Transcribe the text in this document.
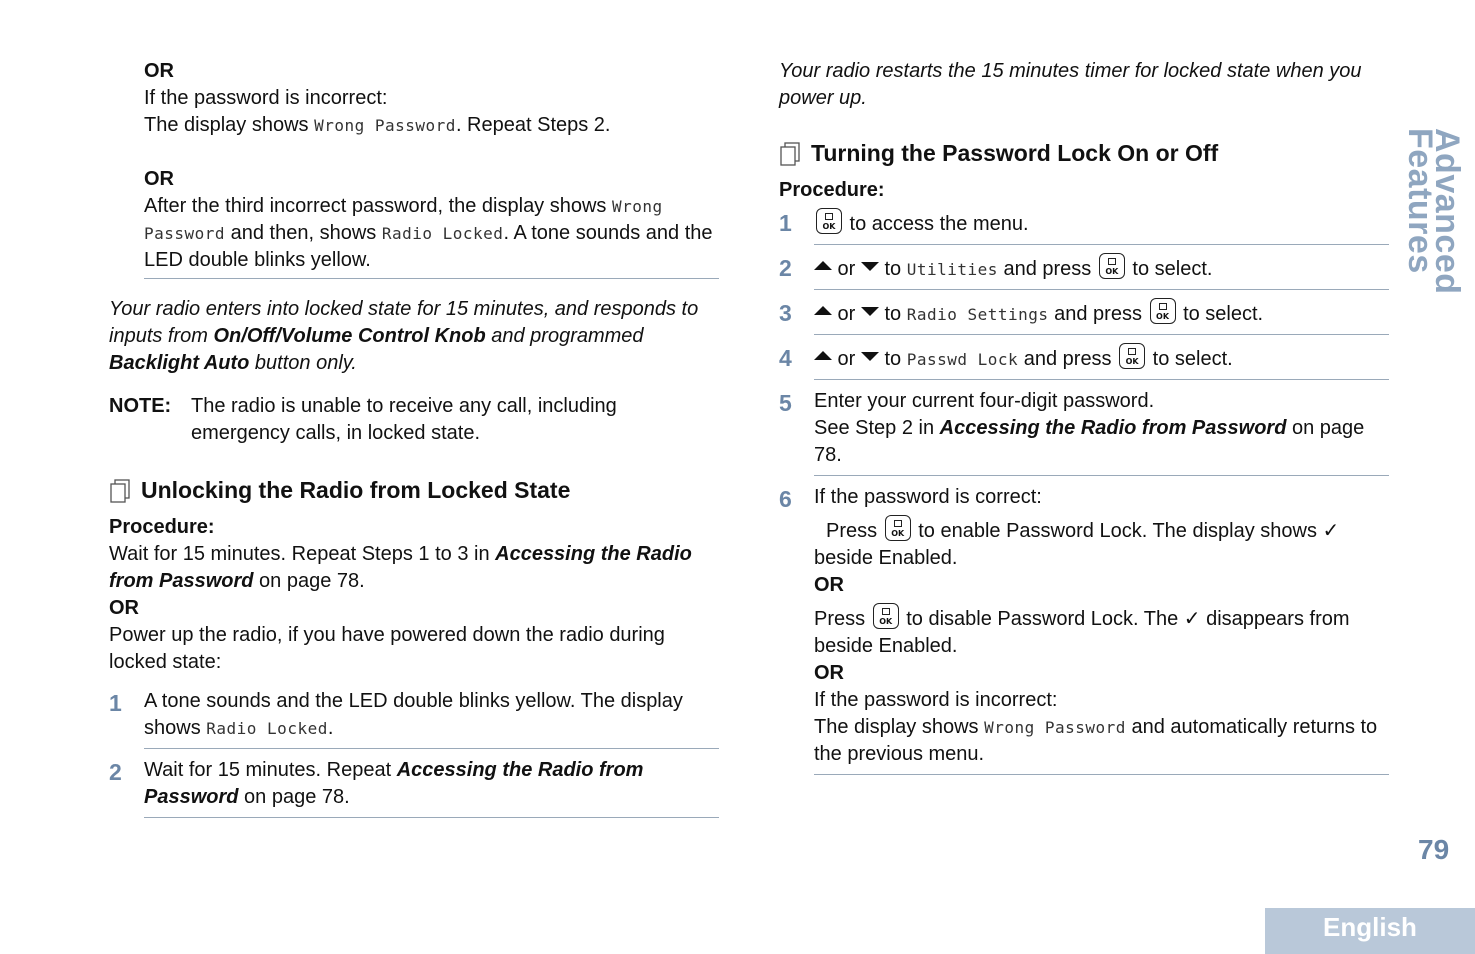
OR
If the password is incorrect:
The display shows Wrong Password. Repeat Steps 2.
OR
After the third incorrect password, the display shows Wrong Password and then, shows Radio Locked. A tone sounds and the LED double blinks yellow.
Your radio enters into locked state for 15 minutes, and responds to inputs from On/Off/Volume Control Knob and programmed Backlight Auto button only.
NOTE: The radio is unable to receive any call, including emergency calls, in locked state.
Unlocking the Radio from Locked State
Procedure:
Wait for 15 minutes. Repeat Steps 1 to 3 in Accessing the Radio from Password on page 78.
OR
Power up the radio, if you have powered down the radio during locked state:
1	A tone sounds and the LED double blinks yellow. The display shows Radio Locked.
2	Wait for 15 minutes. Repeat Accessing the Radio from Password on page 78.
Your radio restarts the 15 minutes timer for locked state when you power up.
Turning the Password Lock On or Off
Procedure:
1	OK to access the menu.
2	or  to Utilities and press	OK to select.
3	or  to Radio Settings and press	OK to select.
4	or  to Passwd Lock and press	OK to select.
5	Enter your current four-digit password.
See Step 2 in Accessing the Radio from Password on page 78.
6	If the password is correct:
Press	OK to enable Password Lock. The display shows ✓ beside Enabled.
OR
Press	OK to disable Password Lock. The ✓ disappears from beside Enabled.
OR
If the password is incorrect:
The display shows Wrong Password and automatically returns to the previous menu.
Advanced Features
79
English
